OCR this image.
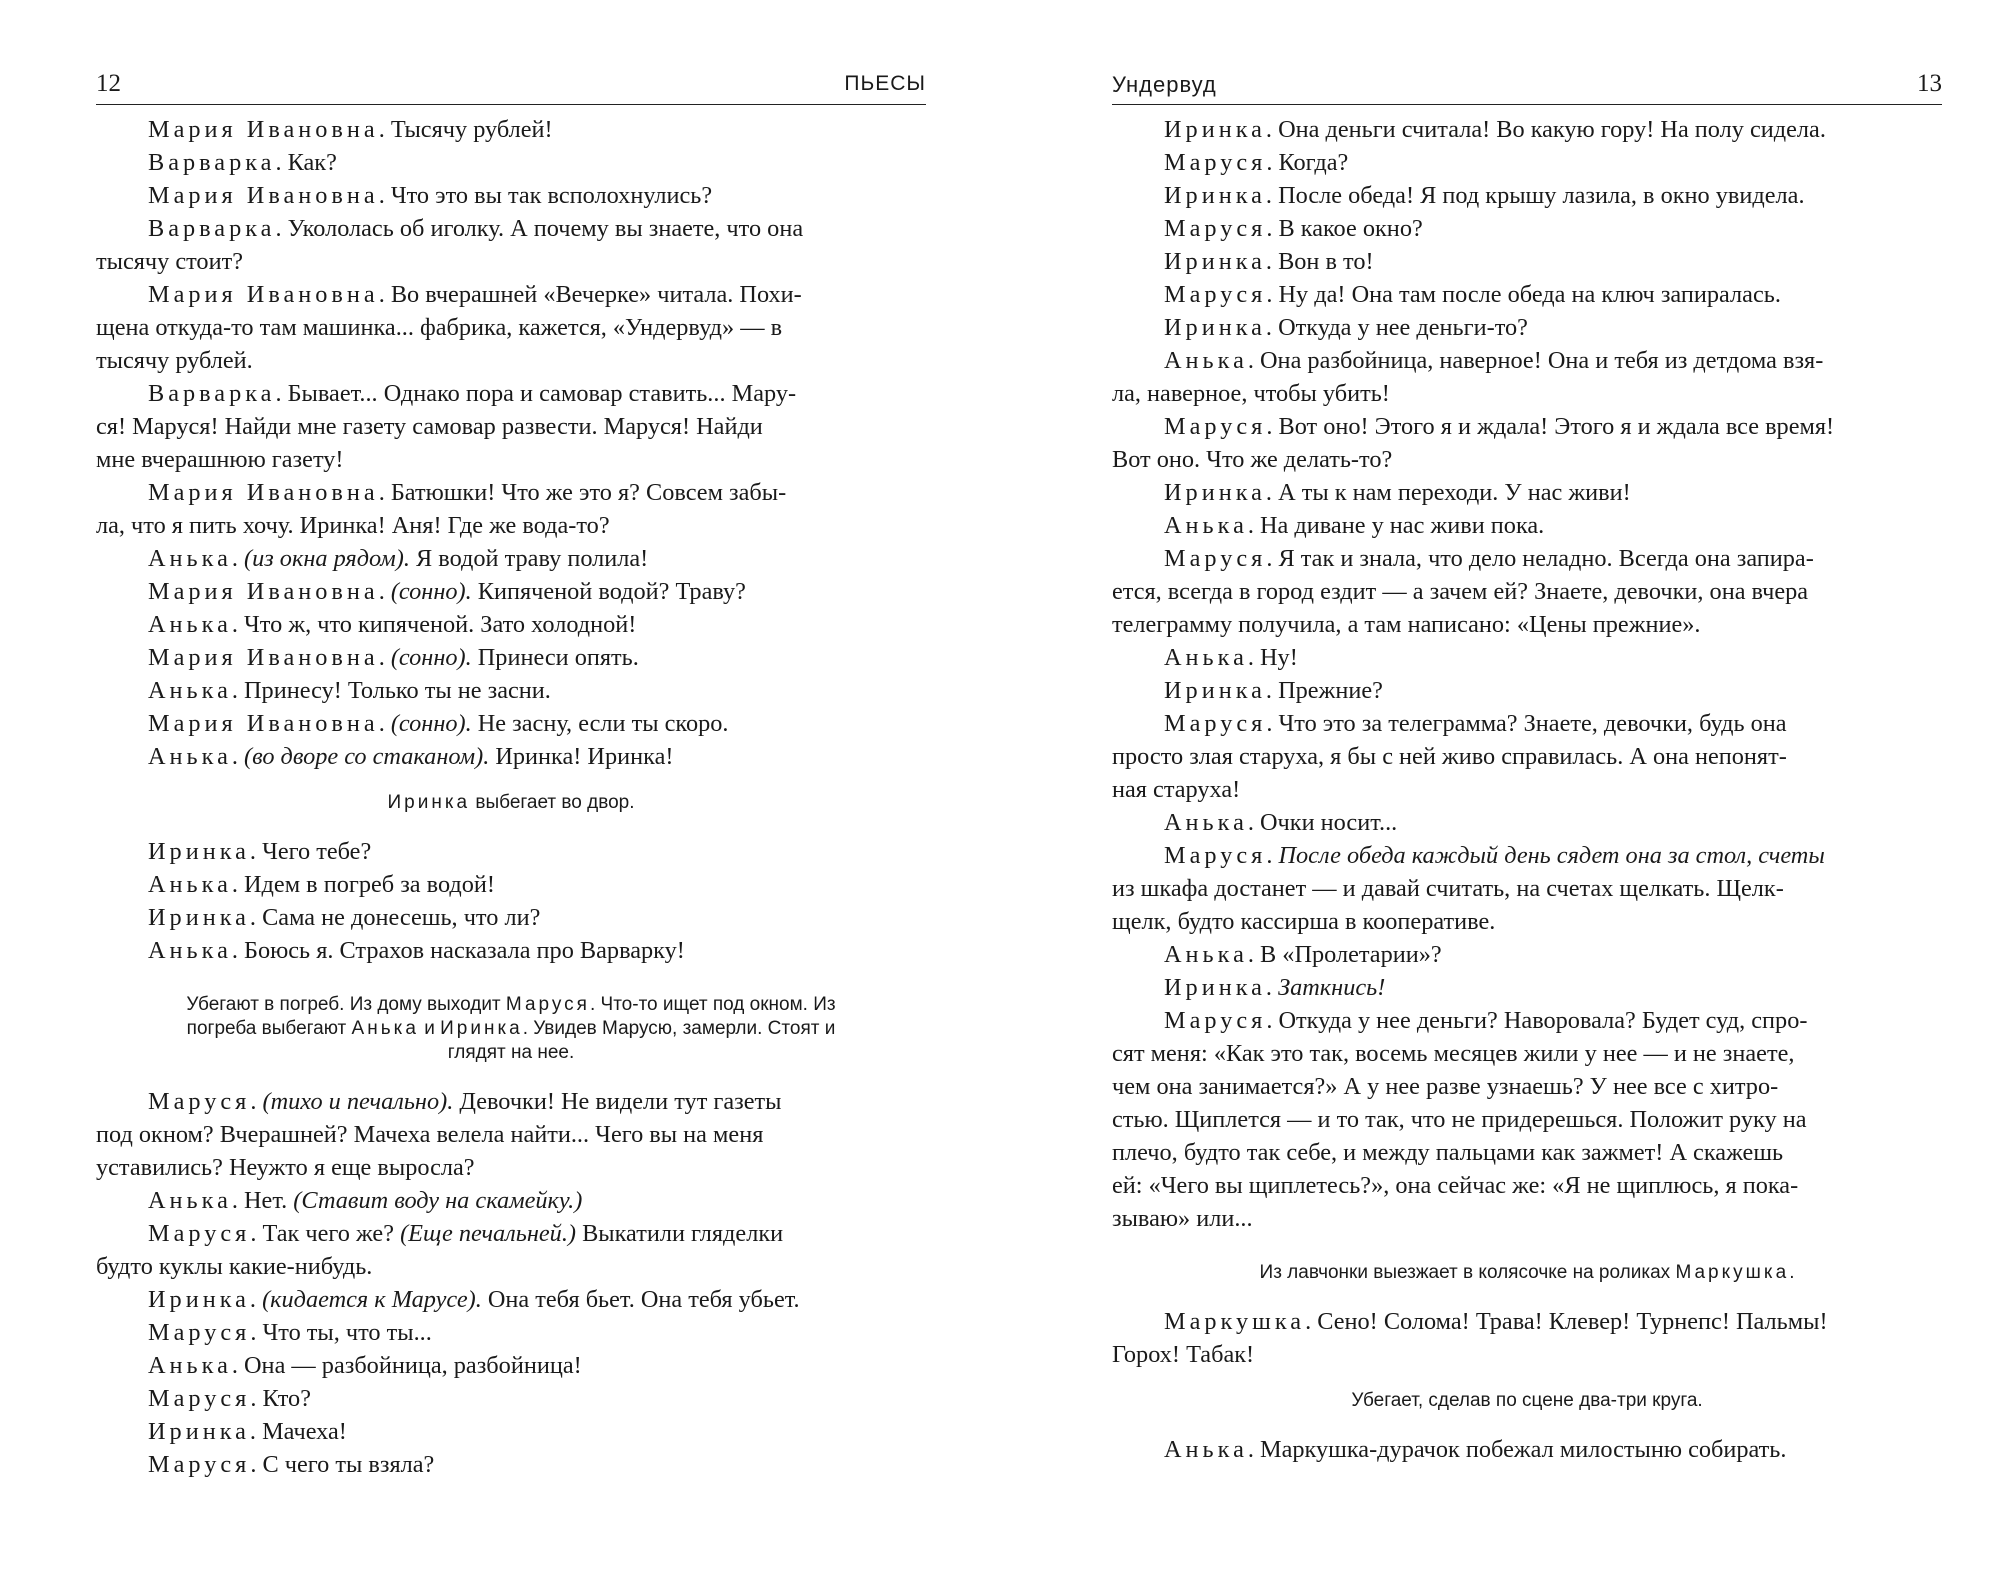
12	ПЬЕСЫ
Мария Ивановна. Тысячу рублей!
Варварка. Как?
Мария Ивановна. Что это вы так всполохнулись?
Варварка. Укололась об иголку. А почему вы знаете, что она
тысячу стоит?
Мария Ивановна. Во вчерашней «Вечерке» читала. Похи-
щена откуда-то там машинка... фабрика, кажется, «Ундервуд» — в
тысячу рублей.
Варварка. Бывает... Однако пора и самовар ставить... Мару-
ся! Маруся! Найди мне газету самовар развести. Маруся! Найди
мне вчерашнюю газету!
Мария Ивановна. Батюшки! Что же это я? Совсем забы-
ла, что я пить хочу. Иринка! Аня! Где же вода-то?
Анька. (из окна рядом). Я водой траву полила!
Мария Ивановна. (сонно). Кипяченой водой? Траву?
Анька. Что ж, что кипяченой. Зато холодной!
Мария Ивановна. (сонно). Принеси опять.
Анька. Принесу! Только ты не засни.
Мария Ивановна. (сонно). Не засну, если ты скоро.
Анька. (во дворе со стаканом). Иринка! Иринка!
Иринка выбегает во двор.
Иринка. Чего тебе?
Анька. Идем в погреб за водой!
Иринка. Сама не донесешь, что ли?
Анька. Боюсь я. Страхов насказала про Варварку!
Убегают в погреб. Из дому выходит Маруся. Что-то ищет под окном. Из
погреба выбегают Анька и Иринка. Увидев Марусю, замерли. Стоят и
глядят на нее.
Маруся. (тихо и печально). Девочки! Не видели тут газеты
под окном? Вчерашней? Мачеха велела найти... Чего вы на меня
уставились? Неужто я еще выросла?
Анька. Нет. (Ставит воду на скамейку.)
Маруся. Так чего же? (Еще печальней.) Выкатили гляделки
будто куклы какие-нибудь.
Иринка. (кидается к Марусе). Она тебя бьет. Она тебя убьет.
Маруся. Что ты, что ты...
Анька. Она — разбойница, разбойница!
Маруся. Кто?
Иринка. Мачеха!
Маруся. С чего ты взяла?
Ундервуд	13
Иринка. Она деньги считала! Во какую гору! На полу сидела.
Маруся. Когда?
Иринка. После обеда! Я под крышу лазила, в окно увидела.
Маруся. В какое окно?
Иринка. Вон в то!
Маруся. Ну да! Она там после обеда на ключ запиралась.
Иринка. Откуда у нее деньги-то?
Анька. Она разбойница, наверное! Она и тебя из детдома взя-
ла, наверное, чтобы убить!
Маруся. Вот оно! Этого я и ждала! Этого я и ждала все время!
Вот оно. Что же делать-то?
Иринка. А ты к нам переходи. У нас живи!
Анька. На диване у нас живи пока.
Маруся. Я так и знала, что дело неладно. Всегда она запира-
ется, всегда в город ездит — а зачем ей? Знаете, девочки, она вчера
телеграмму получила, а там написано: «Цены прежние».
Анька. Ну!
Иринка. Прежние?
Маруся. Что это за телеграмма? Знаете, девочки, будь она
просто злая старуха, я бы с ней живо справилась. А она непонят-
ная старуха!
Анька. Очки носит...
Маруся. После обеда каждый день сядет она за стол, счеты
из шкафа достанет — и давай считать, на счетах щелкать. Щелк-
щелк, будто кассирша в кооперативе.
Анька. В «Пролетарии»?
Иринка. Заткнись!
Маруся. Откуда у нее деньги? Наворовала? Будет суд, спро-
сят меня: «Как это так, восемь месяцев жили у нее — и не знаете,
чем она занимается?» А у нее разве узнаешь? У нее все с хитро-
стью. Щиплется — и то так, что не придерешься. Положит руку на
плечо, будто так себе, и между пальцами как зажмет! А скажешь
ей: «Чего вы щиплетесь?», она сейчас же: «Я не щиплюсь, я пока-
зываю» или...
Из лавчонки выезжает в колясочке на роликах Маркушка.
Маркушка. Сено! Солома! Трава! Клевер! Турнепс! Пальмы!
Горох! Табак!
Убегает, сделав по сцене два-три круга.
Анька. Маркушка-дурачок побежал милостыню собирать.
